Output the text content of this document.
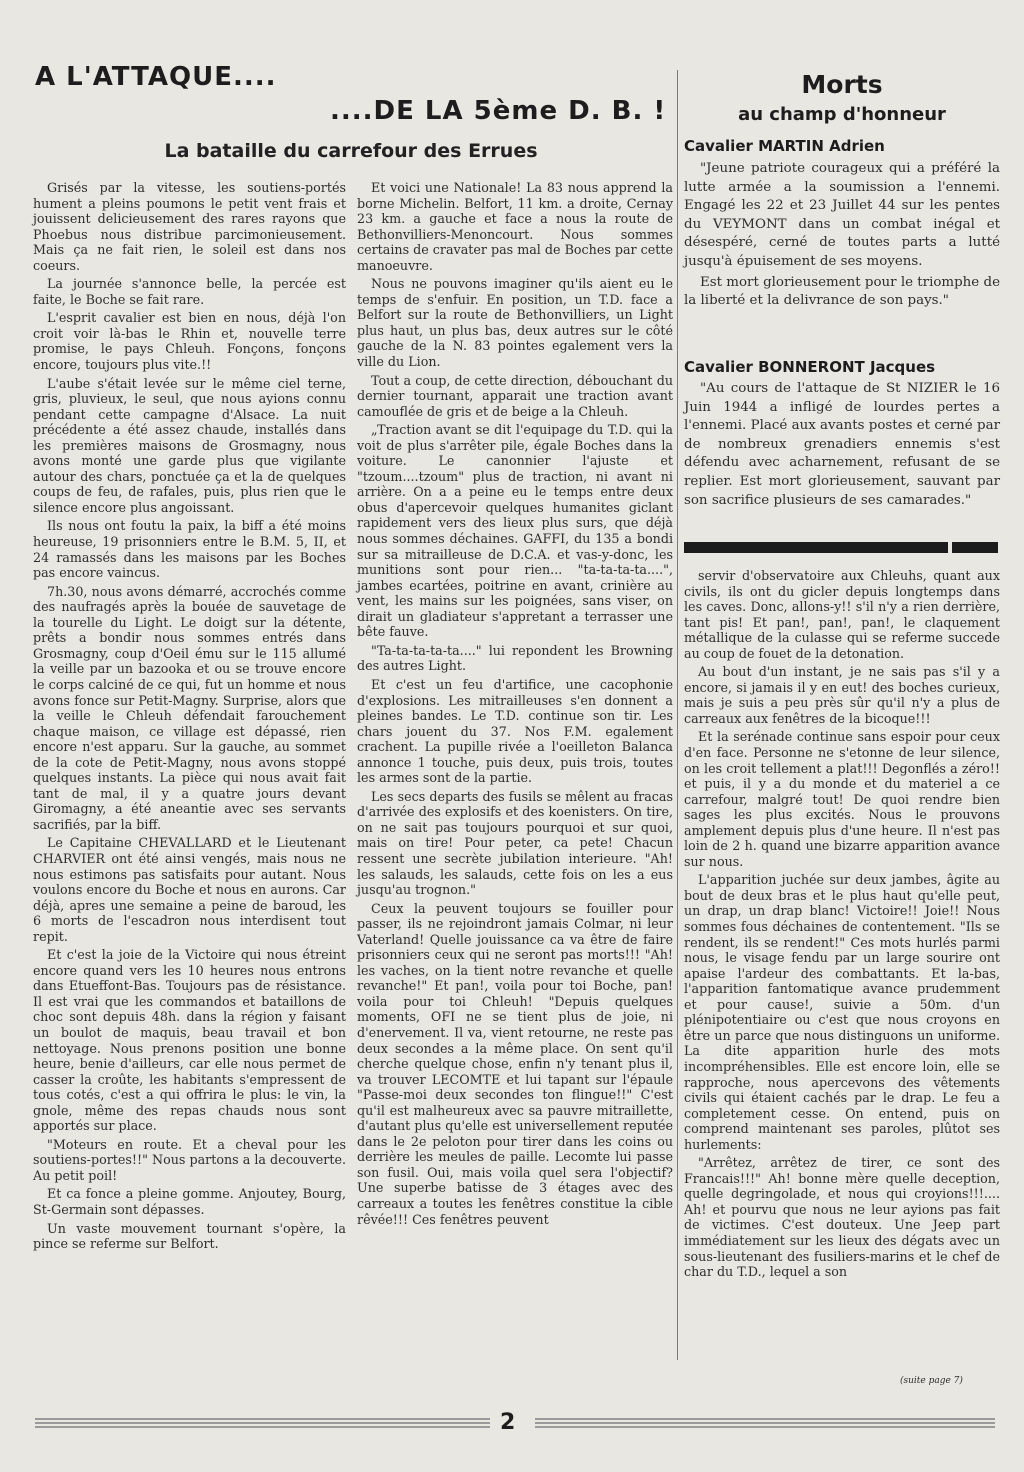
A L'ATTAQUE....
....DE LA 5ème D. B. !
La bataille du carrefour des Errues

Grisés par la vitesse, les soutiens-portés hument a pleins poumons le petit vent frais et jouissent delicieusement des rares rayons que Phoebus nous distribue parcimonieusement. Mais ça ne fait rien, le soleil est dans nos coeurs.

La journée s'annonce belle, la percée est faite, le Boche se fait rare.

L'esprit cavalier est bien en nous, déjà l'on croit voir là-bas le Rhin et, nouvelle terre promise, le pays Chleuh. Fonçons, fonçons encore, toujours plus vite.!!

L'aube s'était levée sur le même ciel terne, gris, pluvieux, le seul, que nous ayions connu pendant cette campagne d'Alsace. La nuit précédente a été assez chaude, installés dans les premières maisons de Grosmagny, nous avons monté une garde plus que vigilante autour des chars, ponctuée ça et la de quelques coups de feu, de rafales, puis, plus rien que le silence encore plus angoissant.

Ils nous ont foutu la paix, la biff a été moins heureuse, 19 prisonniers entre le B.M. 5, II, et 24 ramassés dans les maisons par les Boches pas encore vaincus.

7h.30, nous avons démarré, accrochés comme des naufragés après la bouée de sauvetage de la tourelle du Light. Le doigt sur la détente, prêts a bondir nous sommes entrés dans Grosmagny, coup d'Oeil ému sur le 115 allumé la veille par un bazooka et ou se trouve encore le corps calciné de ce qui, fut un homme et nous avons fonce sur Petit-Magny. Surprise, alors que la veille le Chleuh défendait farouchement chaque maison, ce village est dépassé, rien encore n'est apparu. Sur la gauche, au sommet de la cote de Petit-Magny, nous avons stoppé quelques instants. La pièce qui nous avait fait tant de mal, il y a quatre jours devant Giromagny, a été aneantie avec ses servants sacrifiés, par la biff.

Le Capitaine CHEVALLARD et le Lieutenant CHARVIER ont été ainsi vengés, mais nous ne nous estimons pas satisfaits pour autant. Nous voulons encore du Boche et nous en aurons. Car déjà, apres une semaine a peine de baroud, les 6 morts de l'escadron nous interdisent tout repit.

Et c'est la joie de la Victoire qui nous étreint encore quand vers les 10 heures nous entrons dans Etueffont-Bas. Toujours pas de résistance. Il est vrai que les commandos et bataillons de choc sont depuis 48h. dans la région y faisant un boulot de maquis, beau travail et bon nettoyage. Nous prenons position une bonne heure, benie d'ailleurs, car elle nous permet de casser la croûte, les habitants s'empressent de tous cotés, c'est a qui offrira le plus: le vin, la gnole, même des repas chauds nous sont apportés sur place.

"Moteurs en route. Et a cheval pour les soutiens-portes!!" Nous partons a la decouverte. Au petit poil!

Et ca fonce a pleine gomme. Anjoutey, Bourg, St-Germain sont dépasses.

Un vaste mouvement tournant s'opère, la pince se referme sur Belfort.

Et voici une Nationale! La 83 nous apprend la borne Michelin. Belfort, 11 km. a droite, Cernay 23 km. a gauche et face a nous la route de Bethonvilliers-Menoncourt. Nous sommes certains de cravater pas mal de Boches par cette manoeuvre.

Nous ne pouvons imaginer qu'ils aient eu le temps de s'enfuir. En position, un T.D. face a Belfort sur la route de Bethonvilliers, un Light plus haut, un plus bas, deux autres sur le côté gauche de la N. 83 pointes egalement vers la ville du Lion.

Tout a coup, de cette direction, débouchant du dernier tournant, apparait une traction avant camouflée de gris et de beige a la Chleuh.

„Traction avant se dit l'equipage du T.D. qui la voit de plus s'arrêter pile, égale Boches dans la voiture. Le canonnier l'ajuste et "tzoum....tzoum" plus de traction, ni avant ni arrière. On a a peine eu le temps entre deux obus d'apercevoir quelques humanites giclant rapidement vers des lieux plus surs, que déjà nous sommes déchaines. GAFFI, du 135 a bondi sur sa mitrailleuse de D.C.A. et vas-y-donc, les munitions sont pour rien... "ta-ta-ta-ta....", jambes ecartées, poitrine en avant, crinière au vent, les mains sur les poignées, sans viser, on dirait un gladiateur s'appretant a terrasser une bête fauve.

"Ta-ta-ta-ta-ta...." lui repondent les Browning des autres Light.

Et c'est un feu d'artifice, une cacophonie d'explosions. Les mitrailleuses s'en donnent a pleines bandes. Le T.D. continue son tir. Les chars jouent du 37. Nos F.M. egalement crachent. La pupille rivée a l'oeilleton Balanca annonce 1 touche, puis deux, puis trois, toutes les armes sont de la partie.

Les secs departs des fusils se mêlent au fracas d'arrivée des explosifs et des koenisters. On tire, on ne sait pas toujours pourquoi et sur quoi, mais on tire! Pour peter, ca pete! Chacun ressent une secrète jubilation interieure. "Ah! les salauds, les salauds, cette fois on les a eus jusqu'au trognon."

Ceux la peuvent toujours se fouiller pour passer, ils ne rejoindront jamais Colmar, ni leur Vaterland! Quelle jouissance ca va être de faire prisonniers ceux qui ne seront pas morts!!! "Ah! les vaches, on la tient notre revanche et quelle revanche!" Et pan!, voila pour toi Boche, pan! voila pour toi Chleuh! "Depuis quelques moments, OFI ne se tient plus de joie, ni d'enervement. Il va, vient retourne, ne reste pas deux secondes a la même place. On sent qu'il cherche quelque chose, enfin n'y tenant plus il, va trouver LECOMTE et lui tapant sur l'épaule "Passe-moi deux secondes ton flingue!!" C'est qu'il est malheureux avec sa pauvre mitraillette, d'autant plus qu'elle est universellement reputée dans le 2e peloton pour tirer dans les coins ou derrière les meules de paille. Lecomte lui passe son fusil. Oui, mais voila quel sera l'objectif? Une superbe batisse de 3 étages avec des carreaux a toutes les fenêtres constitue la cible rêvée!!! Ces fenêtres peuvent

Morts
au champ d'honneur
Cavalier MARTIN Adrien

"Jeune patriote courageux qui a préféré la lutte armée a la soumission a l'ennemi. Engagé les 22 et 23 Juillet 44 sur les pentes du VEYMONT dans un combat inégal et désespéré, cerné de toutes parts a lutté jusqu'à épuisement de ses moyens.

Est mort glorieusement pour le triomphe de la liberté et la delivrance de son pays."

Cavalier BONNERONT Jacques

"Au cours de l'attaque de St NIZIER le 16 Juin 1944 a infligé de lourdes pertes a l'ennemi. Placé aux avants postes et cerné par de nombreux grenadiers ennemis s'est défendu avec acharnement, refusant de se replier. Est mort glorieusement, sauvant par son sacrifice plusieurs de ses camarades."

servir d'observatoire aux Chleuhs, quant aux civils, ils ont du gicler depuis longtemps dans les caves. Donc, allons-y!! s'il n'y a rien derrière, tant pis! Et pan!, pan!, pan!, le claquement métallique de la culasse qui se referme succede au coup de fouet de la detonation.

Au bout d'un instant, je ne sais pas s'il y a encore, si jamais il y en eut! des boches curieux, mais je suis a peu près sûr qu'il n'y a plus de carreaux aux fenêtres de la bicoque!!!

Et la serénade continue sans espoir pour ceux d'en face. Personne ne s'etonne de leur silence, on les croit tellement a plat!!! Degonflés a zéro!! et puis, il y a du monde et du materiel a ce carrefour, malgré tout! De quoi rendre bien sages les plus excités. Nous le prouvons amplement depuis plus d'une heure. Il n'est pas loin de 2 h. quand une bizarre apparition avance sur nous.

L'apparition juchée sur deux jambes, âgite au bout de deux bras et le plus haut qu'elle peut, un drap, un drap blanc! Victoire!! Joie!! Nous sommes fous déchaines de contentement. "Ils se rendent, ils se rendent!" Ces mots hurlés parmi nous, le visage fendu par un large sourire ont apaise l'ardeur des combattants. Et la-bas, l'apparition fantomatique avance prudemment et pour cause!, suivie a 50m. d'un plénipotentiaire ou c'est que nous croyons en être un parce que nous distinguons un uniforme. La dite apparition hurle des mots incompréhensibles. Elle est encore loin, elle se rapproche, nous apercevons des vêtements civils qui étaient cachés par le drap. Le feu a completement cesse. On entend, puis on comprend maintenant ses paroles, plûtot ses hurlements:

"Arrêtez, arrêtez de tirer, ce sont des Francais!!!" Ah! bonne mère quelle deception, quelle degringolade, et nous qui croyions!!!.... Ah! et pourvu que nous ne leur ayions pas fait de victimes. C'est douteux. Une Jeep part immédiatement sur les lieux des dégats avec un sous-lieutenant des fusiliers-marins et le chef de char du T.D., lequel a son

(suite page 7)
2
